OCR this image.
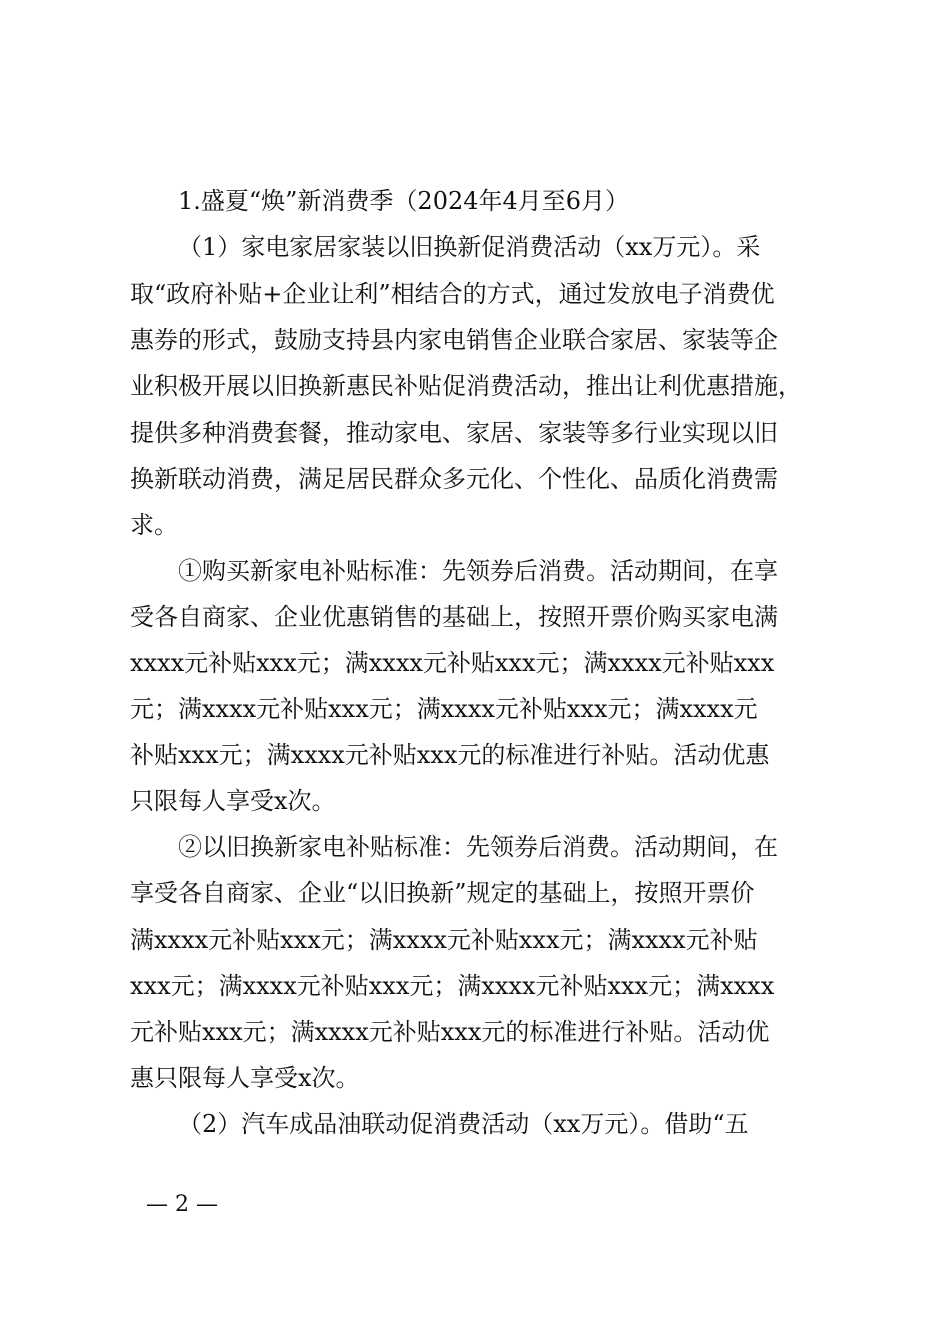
1.盛夏“焕”新消费季（2024年4月至6月）
（1）家电家居家装以旧换新促消费活动（xx万元）。采
取“政府补贴+企业让利”相结合的方式，通过发放电子消费优
惠券的形式，鼓励支持县内家电销售企业联合家居、家装等企
业积极开展以旧换新惠民补贴促消费活动，推出让利优惠措施，
提供多种消费套餐，推动家电、家居、家装等多行业实现以旧
换新联动消费，满足居民群众多元化、个性化、品质化消费需
求。
①购买新家电补贴标准：先领券后消费。活动期间，在享
受各自商家、企业优惠销售的基础上，按照开票价购买家电满
xxxx元补贴xxx元；满xxxx元补贴xxx元；满xxxx元补贴xxx
元；满xxxx元补贴xxx元；满xxxx元补贴xxx元；满xxxx元
补贴xxx元；满xxxx元补贴xxx元的标准进行补贴。活动优惠
只限每人享受x次。
②以旧换新家电补贴标准：先领券后消费。活动期间，在
享受各自商家、企业“以旧换新”规定的基础上，按照开票价
满xxxx元补贴xxx元；满xxxx元补贴xxx元；满xxxx元补贴
xxx元；满xxxx元补贴xxx元；满xxxx元补贴xxx元；满xxxx
元补贴xxx元；满xxxx元补贴xxx元的标准进行补贴。活动优
惠只限每人享受x次。
（2）汽车成品油联动促消费活动（xx万元）。借助“五
— 2 —
